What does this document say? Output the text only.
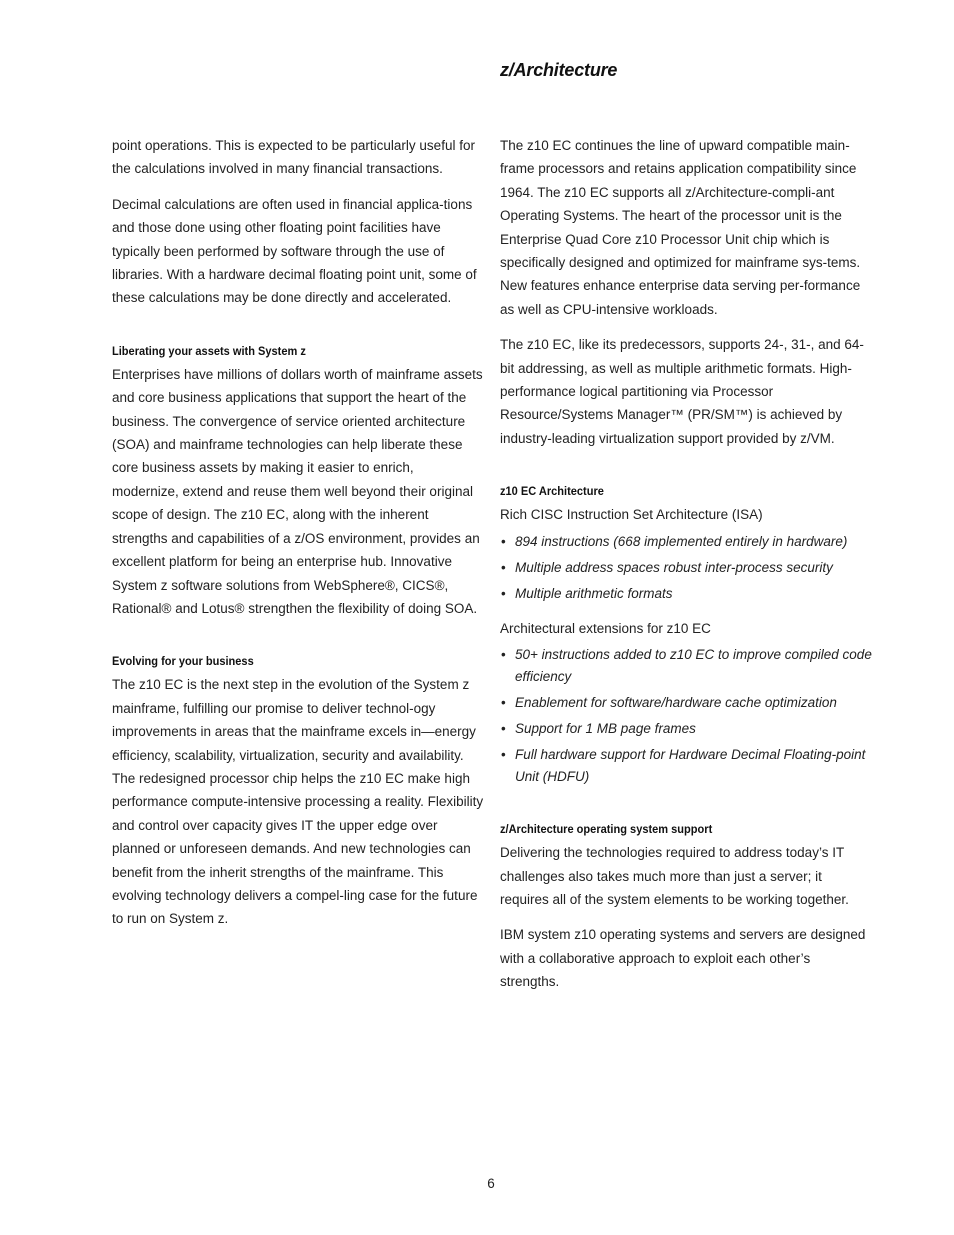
z/Architecture

point operations. This is expected to be particularly useful for the calculations involved in many financial transactions.

Decimal calculations are often used in financial applica-tions and those done using other floating point facilities have typically been performed by software through the use of libraries. With a hardware decimal floating point unit, some of these calculations may be done directly and accelerated.

Liberating your assets with System z

Enterprises have millions of dollars worth of mainframe assets and core business applications that support the heart of the business. The convergence of service oriented architecture (SOA) and mainframe technologies can help liberate these core business assets by making it easier to enrich, modernize, extend and reuse them well beyond their original scope of design. The z10 EC, along with the inherent strengths and capabilities of a z/OS environment, provides an excellent platform for being an enterprise hub. Innovative System z software solutions from WebSphere®, CICS®, Rational® and Lotus® strengthen the flexibility of doing SOA.

Evolving for your business

The z10 EC is the next step in the evolution of the System z mainframe, fulfilling our promise to deliver technol-ogy improvements in areas that the mainframe excels in—energy efficiency, scalability, virtualization, security and availability. The redesigned processor chip helps the z10 EC make high performance compute-intensive processing a reality. Flexibility and control over capacity gives IT the upper edge over planned or unforeseen demands. And new technologies can benefit from the inherit strengths of the mainframe. This evolving technology delivers a compel-ling case for the future to run on System z.

The z10 EC continues the line of upward compatible main-frame processors and retains application compatibility since 1964. The z10 EC supports all z/Architecture-compli-ant Operating Systems. The heart of the processor unit is the Enterprise Quad Core z10 Processor Unit chip which is specifically designed and optimized for mainframe sys-tems. New features enhance enterprise data serving per-formance as well as CPU-intensive workloads.

The z10 EC, like its predecessors, supports 24-, 31-, and 64-bit addressing, as well as multiple arithmetic formats. High-performance logical partitioning via Processor Resource/Systems Manager™ (PR/SM™) is achieved by industry-leading virtualization support provided by z/VM.

z10 EC Architecture

Rich CISC Instruction Set Architecture (ISA)

• 894 instructions (668 implemented entirely in hardware)
• Multiple address spaces robust inter-process security
• Multiple arithmetic formats

Architectural extensions for z10 EC

• 50+ instructions added to z10 EC to improve compiled code efficiency
• Enablement for software/hardware cache optimization
• Support for 1 MB page frames
• Full hardware support for Hardware Decimal Floating-point Unit (HDFU)
z/Architecture operating system support

Delivering the technologies required to address today’s IT challenges also takes much more than just a server; it requires all of the system elements to be working together.

IBM system z10 operating systems and servers are designed with a collaborative approach to exploit each other’s strengths.

6
